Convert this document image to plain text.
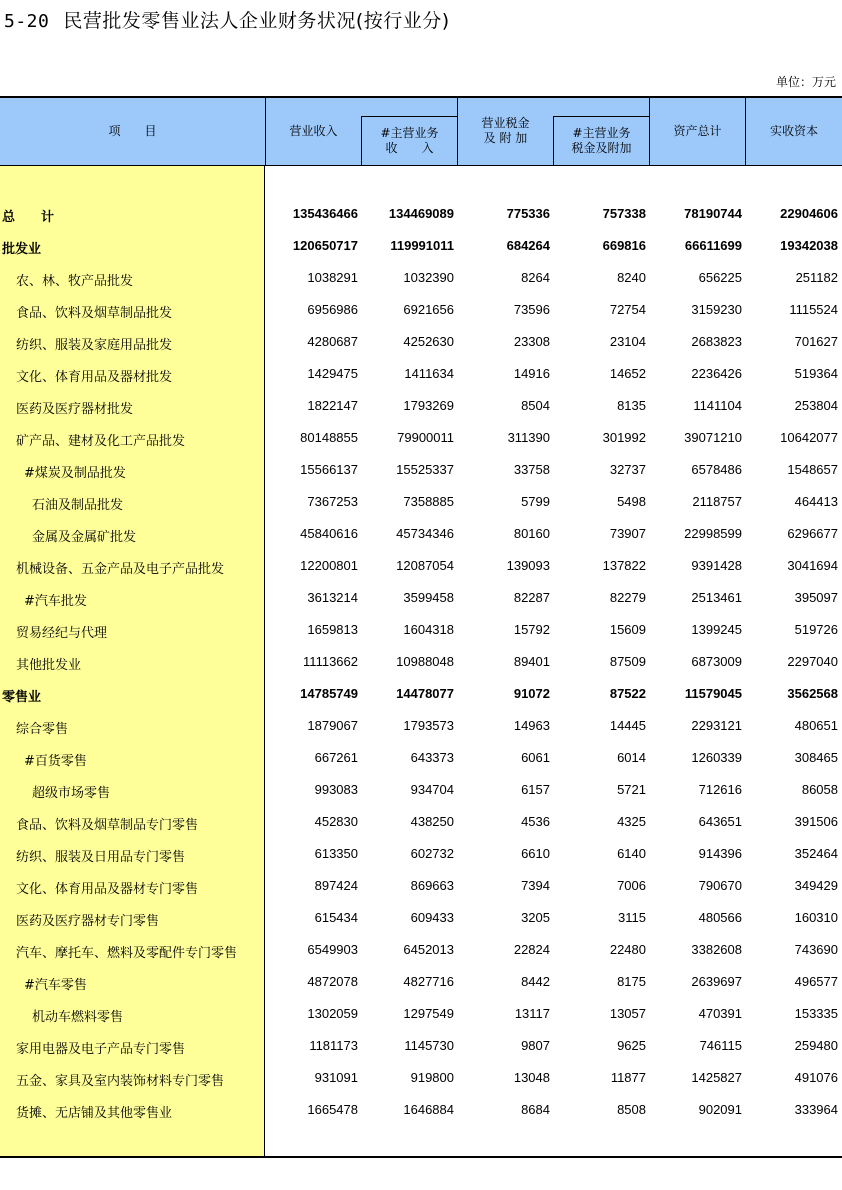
5-20 民营批发零售业法人企业财务状况(按行业分)
单位：万元
项　　目	营业收入	#主营业务
收　　入
营业税金
及 附 加	#主营业务
税金及附加
资产总计	实收资本
总　　计	135436466	134469089	775336	757338	78190744	22904606
批发业	120650717	119991011	684264	669816	66611699	19342038
农、林、牧产品批发	1038291	1032390	8264	8240	656225	251182
食品、饮料及烟草制品批发	6956986	6921656	73596	72754	3159230	1115524
纺织、服装及家庭用品批发	4280687	4252630	23308	23104	2683823	701627
文化、体育用品及器材批发	1429475	1411634	14916	14652	2236426	519364
医药及医疗器材批发	1822147	1793269	8504	8135	1141104	253804
矿产品、建材及化工产品批发	80148855	79900011	311390	301992	39071210	10642077
#煤炭及制品批发	15566137	15525337	33758	32737	6578486	1548657
石油及制品批发	7367253	7358885	5799	5498	2118757	464413
金属及金属矿批发	45840616	45734346	80160	73907	22998599	6296677
机械设备、五金产品及电子产品批发	12200801	12087054	139093	137822	9391428	3041694
#汽车批发	3613214	3599458	82287	82279	2513461	395097
贸易经纪与代理	1659813	1604318	15792	15609	1399245	519726
其他批发业	11113662	10988048	89401	87509	6873009	2297040
零售业	14785749	14478077	91072	87522	11579045	3562568
综合零售	1879067	1793573	14963	14445	2293121	480651
#百货零售	667261	643373	6061	6014	1260339	308465
超级市场零售	993083	934704	6157	5721	712616	86058
食品、饮料及烟草制品专门零售	452830	438250	4536	4325	643651	391506
纺织、服装及日用品专门零售	613350	602732	6610	6140	914396	352464
文化、体育用品及器材专门零售	897424	869663	7394	7006	790670	349429
医药及医疗器材专门零售	615434	609433	3205	3115	480566	160310
汽车、摩托车、燃料及零配件专门零售	6549903	6452013	22824	22480	3382608	743690
#汽车零售	4872078	4827716	8442	8175	2639697	496577
机动车燃料零售	1302059	1297549	13117	13057	470391	153335
家用电器及电子产品专门零售	1181173	1145730	9807	9625	746115	259480
五金、家具及室内装饰材料专门零售	931091	919800	13048	11877	1425827	491076
货摊、无店铺及其他零售业	1665478	1646884	8684	8508	902091	333964
